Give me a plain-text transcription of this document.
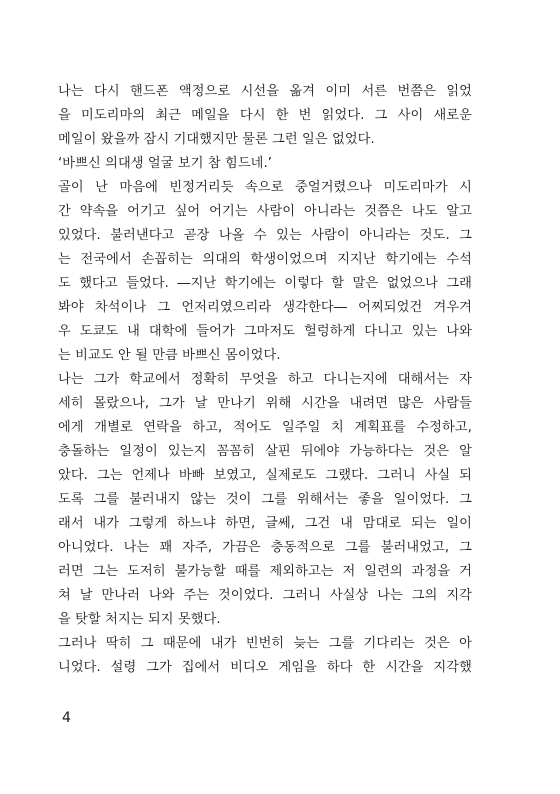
나는 다시 핸드폰 액정으로 시선을 옮겨 이미 서른 번쯤은 읽었
을 미도리마의 최근 메일을 다시 한 번 읽었다. 그 사이 새로운
메일이 왔을까 잠시 기대했지만 물론 그런 일은 없었다.
‘바쁘신 의대생 얼굴 보기 참 힘드네.’
골이 난 마음에 빈정거리듯 속으로 중얼거렸으나 미도리마가 시
간 약속을 어기고 싶어 어기는 사람이 아니라는 것쯤은 나도 알고
있었다. 불러낸다고 곧장 나올 수 있는 사람이 아니라는 것도. 그
는 전국에서 손꼽히는 의대의 학생이었으며 지지난 학기에는 수석
도 했다고 들었다. ―지난 학기에는 이렇다 할 말은 없었으나 그래
봐야 차석이나 그 언저리였으리라 생각한다― 어찌되었건 겨우겨
우 도쿄도 내 대학에 들어가 그마저도 헐렁하게 다니고 있는 나와
는 비교도 안 될 만큼 바쁘신 몸이었다.
나는 그가 학교에서 정확히 무엇을 하고 다니는지에 대해서는 자
세히 몰랐으나, 그가 날 만나기 위해 시간을 내려면 많은 사람들
에게 개별로 연락을 하고, 적어도 일주일 치 계획표를 수정하고,
충돌하는 일정이 있는지 꼼꼼히 살핀 뒤에야 가능하다는 것은 알
았다. 그는 언제나 바빠 보였고, 실제로도 그랬다. 그러니 사실 되
도록 그를 불러내지 않는 것이 그를 위해서는 좋을 일이었다. 그
래서 내가 그렇게 하느냐 하면, 글쎄, 그건 내 맘대로 되는 일이
아니었다. 나는 꽤 자주, 가끔은 충동적으로 그를 불러내었고, 그
러면 그는 도저히 불가능할 때를 제외하고는 저 일련의 과정을 거
쳐 날 만나러 나와 주는 것이었다. 그러니 사실상 나는 그의 지각
을 탓할 처지는 되지 못했다.
그러나 딱히 그 때문에 내가 빈번히 늦는 그를 기다리는 것은 아
니었다. 설령 그가 집에서 비디오 게임을 하다 한 시간을 지각했
4
